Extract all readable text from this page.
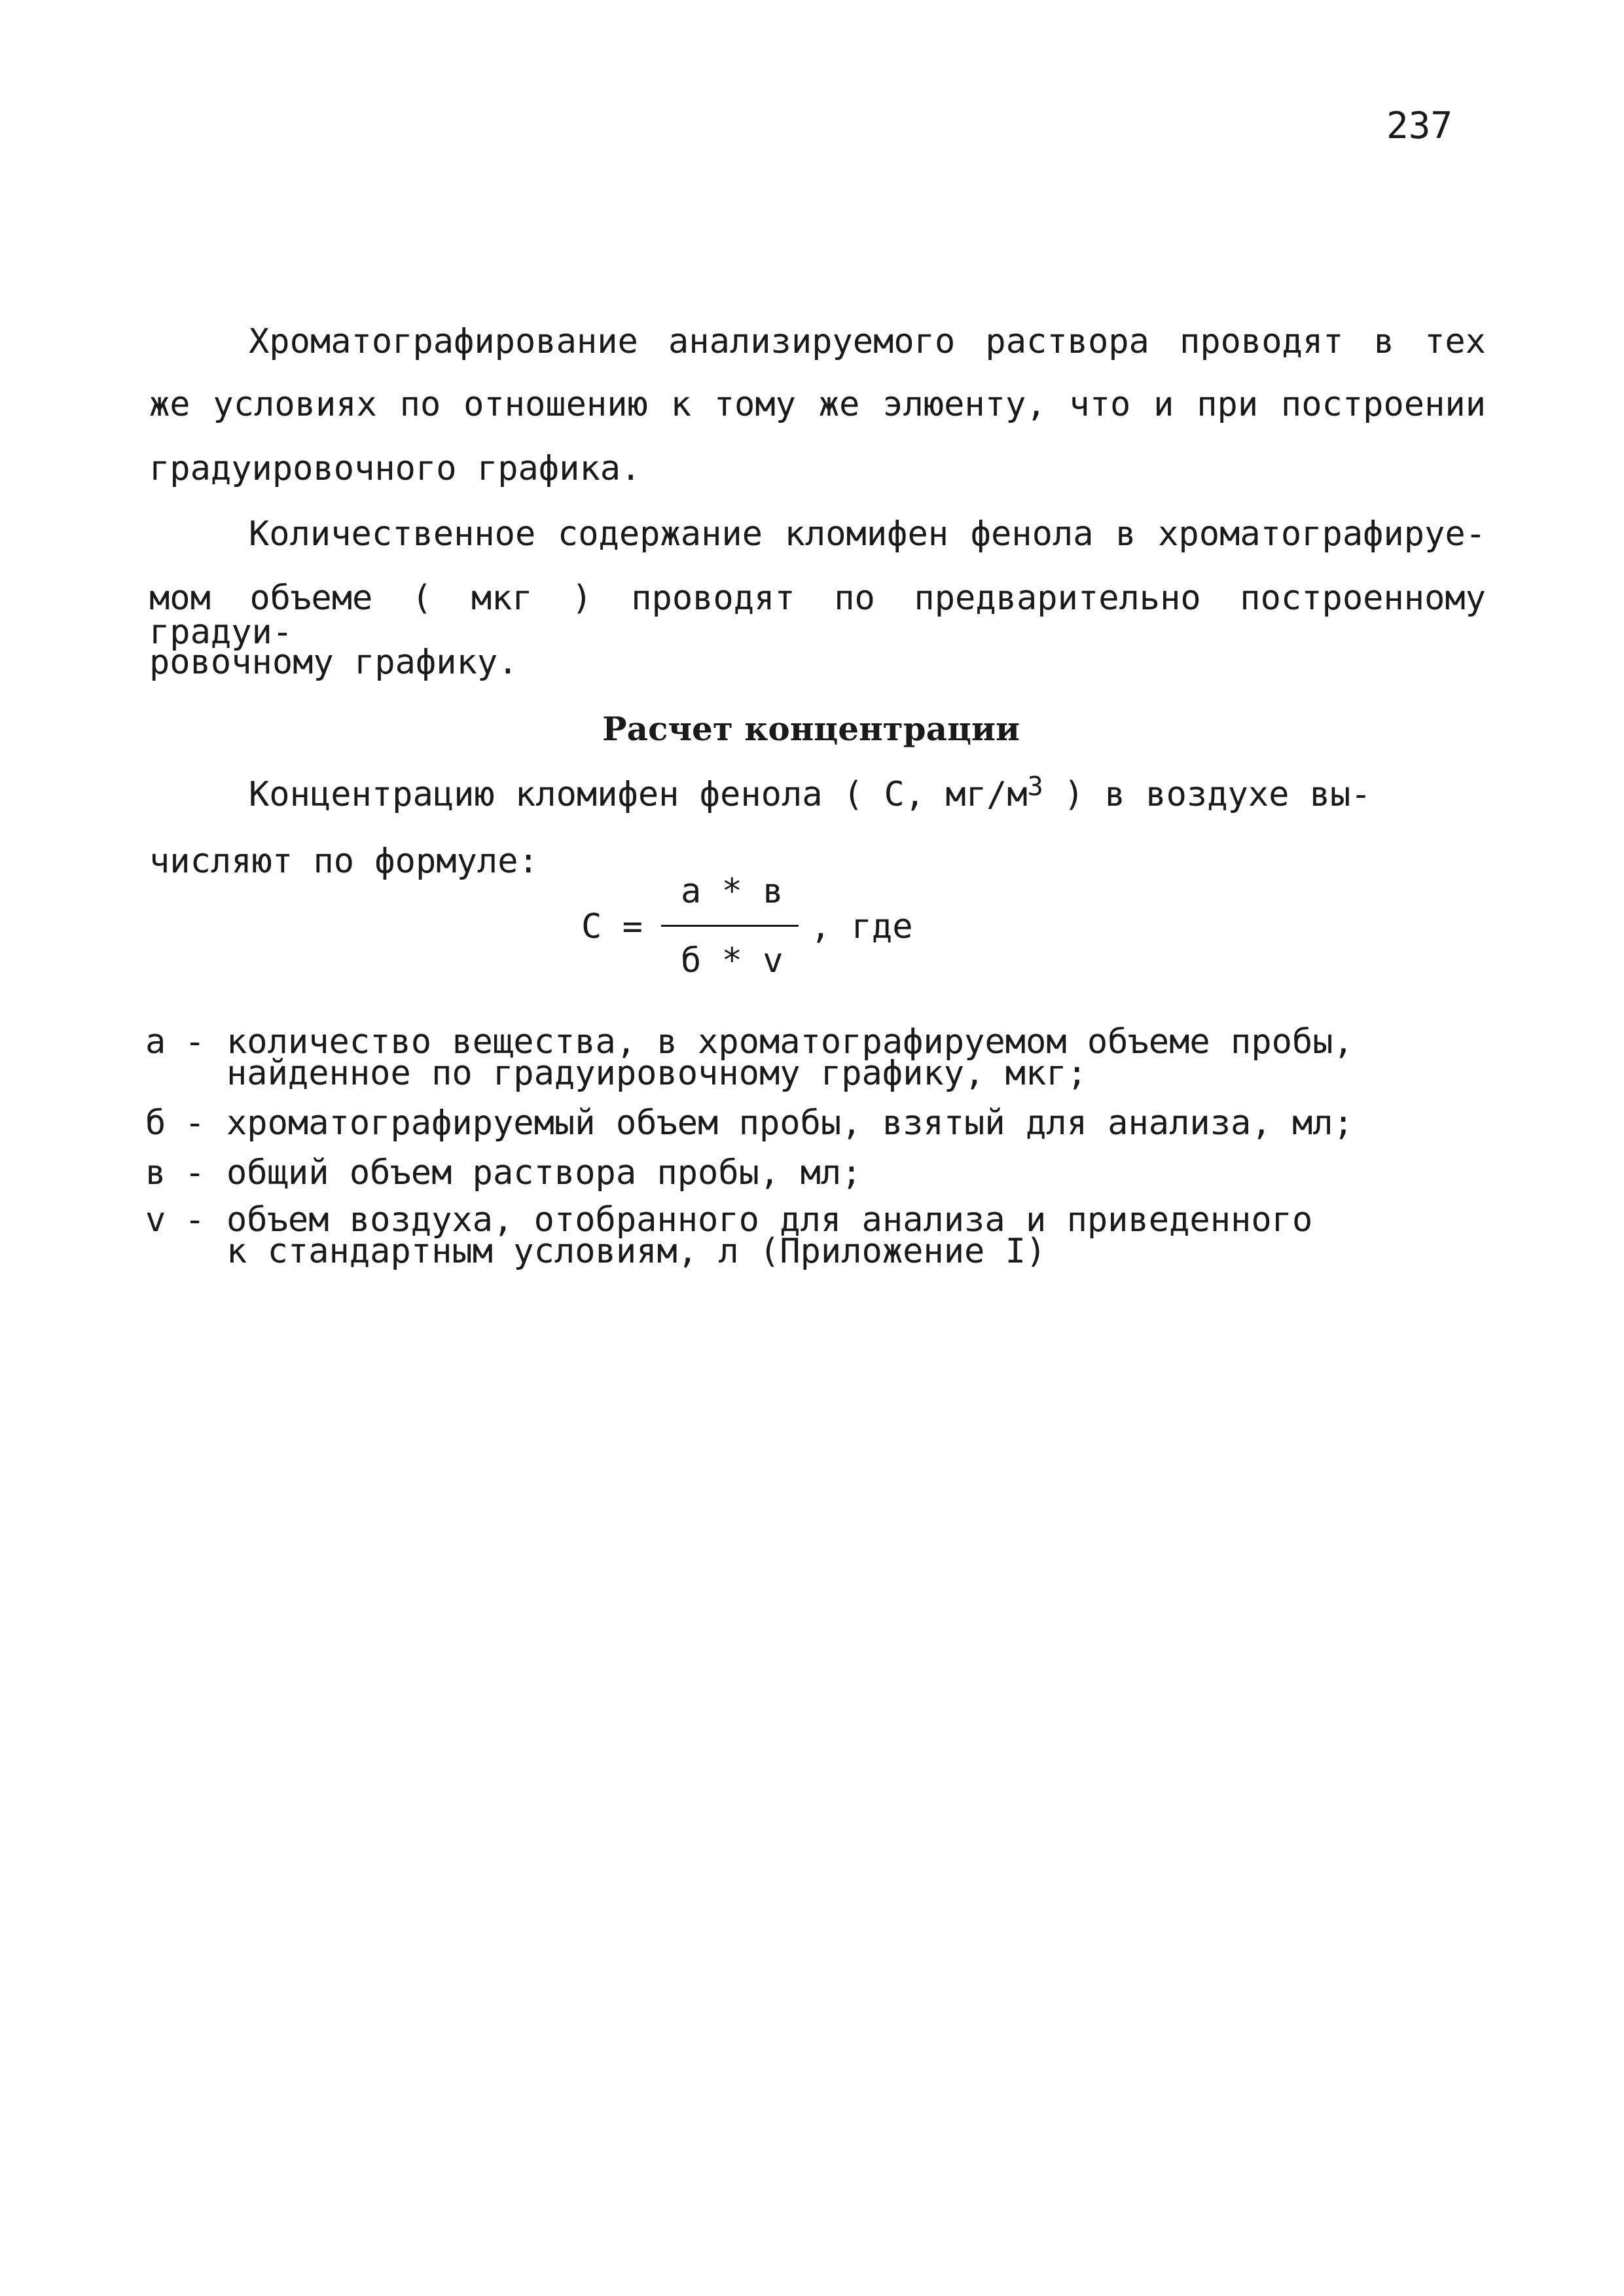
237
Хроматографирование анализируемого раствора проводят в тех
же условиях по отношению к тому же элюенту, что и при построении
градуировочного графика.
Количественное содержание кломифен фенола в хроматографируе-
мом объеме ( мкг ) проводят по предварительно построенному градуи-
ровочному графику.
Расчет концентрации
Концентрацию кломифен фенола ( С, $мг/м^3$ ) в воздухе вы-
числяют по формуле:
а * в
С =	, где
б * v
а - количество вещества, в хроматографируемом объеме пробы,
найденное по градуировочному графику, мкг;
б - хроматографируемый объем пробы, взятый для анализа, мл;
в - общий объем раствора пробы, мл;
v - объем воздуха, отобранного для анализа и приведенного
к стандартным условиям, л (Приложение I)
